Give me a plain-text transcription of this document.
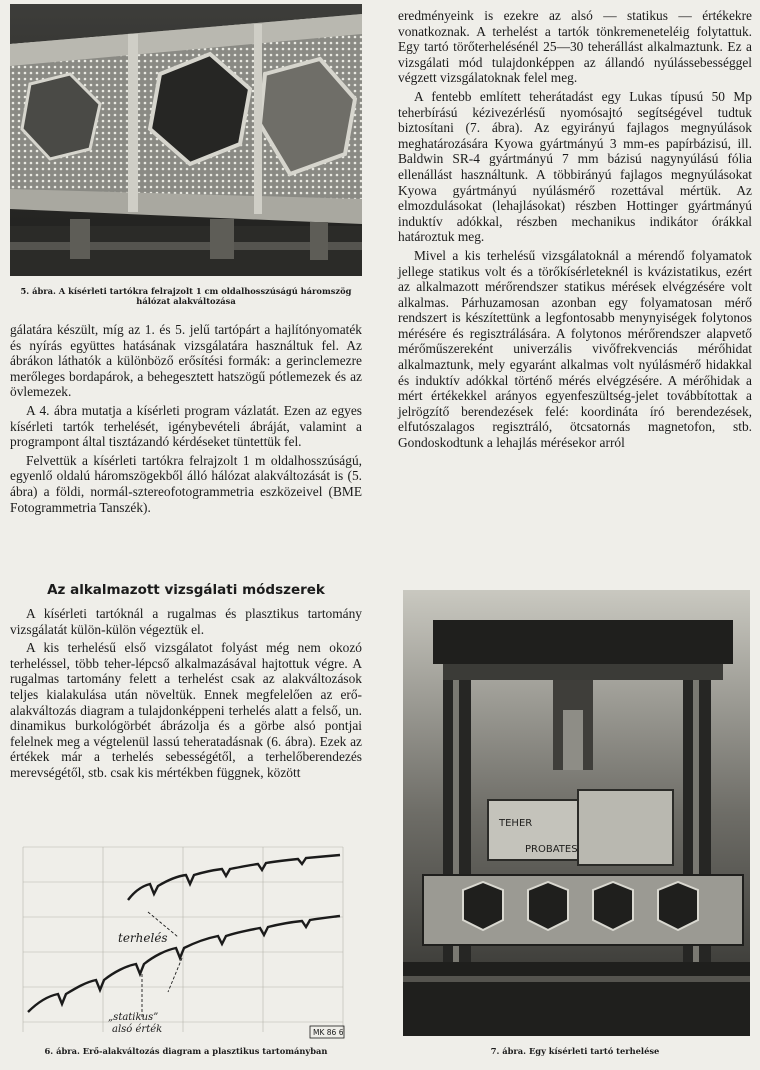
5. ábra. A kísérleti tartókra felrajzolt 1 cm oldalhosszúságú háromszög
hálózat alakváltozása

gálatára készült, míg az 1. és 5. jelű tartópárt a hajlítónyomaték és nyírás együttes hatásának vizsgálatára használtuk fel. Az ábrákon láthatók a különböző erősítési formák: a gerinclemezre merőleges bordapárok, a behegesztett hatszögű pótlemezek és az övlemezek.

A 4. ábra mutatja a kísérleti program vázlatát. Ezen az egyes kísérleti tartók terhelését, igénybevételi ábráját, valamint a programpont által tisztázandó kérdéseket tüntettük fel.

Felvettük a kísérleti tartókra felrajzolt 1 m oldalhosszúságú, egyenlő oldalú háromszögekből álló hálózat alakváltozását is (5. ábra) a földi, normál-sztereofotogrammetria eszközeivel (BME Fotogrammetria Tanszék).

Az alkalmazott vizsgálati módszerek

A kísérleti tartóknál a rugalmas és plasztikus tartomány vizsgálatát külön-külön végeztük el.

A kis terhelésű első vizsgálatot folyást még nem okozó terheléssel, több teher-lépcső alkalmazásával hajtottuk végre. A rugalmas tartomány felett a terhelést csak az alakváltozások teljes kialakulása után növeltük. Ennek megfelelően az erő-alakváltozás diagram a tulajdonképpeni terhelés alatt a felső, un. dinamikus burkológörbét ábrázolja és a görbe alsó pontjai felelnek meg a végtelenül lassú teheratadásnak (6. ábra). Ezek az értékek már a terhelés sebességétől, a terhelőberendezés merevségétől, stb. csak kis mértékben függnek, között

terhelés
„statikus”
alsó érték	MK 86 6

6. ábra. Erő-alakváltozás diagram a plasztikus tartományban

eredményeink is ezekre az alsó — statikus — értékekre vonatkoznak. A terhelést a tartók tönkremeneteléig folytattuk. Egy tartó törőterhelésénél 25—30 teherállást alkalmaztunk. Ez a vizsgálati mód tulajdonképpen az állandó nyúlássebességgel végzett vizsgálatoknak felel meg.

A fentebb említett teherátadást egy Lukas típusú 50 Mp teherbírású kézivezérlésű nyomósajtó segítségével tudtuk biztosítani (7. ábra). Az egyirányú fajlagos megnyúlások meghatározására Kyowa gyártmányú 3 mm-es papírbázisú, ill. Baldwin SR-4 gyártmányú 7 mm bázisú nagynyúlású fólia ellenállást használtunk. A többirányú fajlagos megnyúlásokat Kyowa gyártmányú nyúlásmérő rozettával mértük. Az elmozdulásokat (lehajlásokat) részben Hottinger gyártmányú induktív adókkal, részben mechanikus indikátor órákkal határoztuk meg.

Mivel a kis terhelésű vizsgálatoknál a mérendő folyamatok jellege statikus volt és a törőkísérleteknél is kvázistatikus, ezért az alkalmazott mérőrendszer statikus mérések elvégzésére volt alkalmas. Párhuzamosan azonban egy folyamatosan mérő rendszert is készítettünk a legfontosabb menynyiségek folytonos mérésére és regisztrálására. A folytonos mérőrendszer alapvető mérőműszereként univerzális vivőfrekvenciás mérőhidat alkalmaztunk, mely egyaránt alkalmas volt nyúlásmérő hidakkal és induktív adókkal történő mérés elvégzésére. A mérőhidak a mért értékekkel arányos egyenfeszültség-jelet továbbítottak a jelrögzítő berendezések felé: koordináta író berendezések, elfutószalagos regisztráló, ötcsatornás magnetofon, stb. Gondoskodtunk a lehajlás mérésekor arról

TEHER
PROBATES

7. ábra. Egy kísérleti tartó terhelése
